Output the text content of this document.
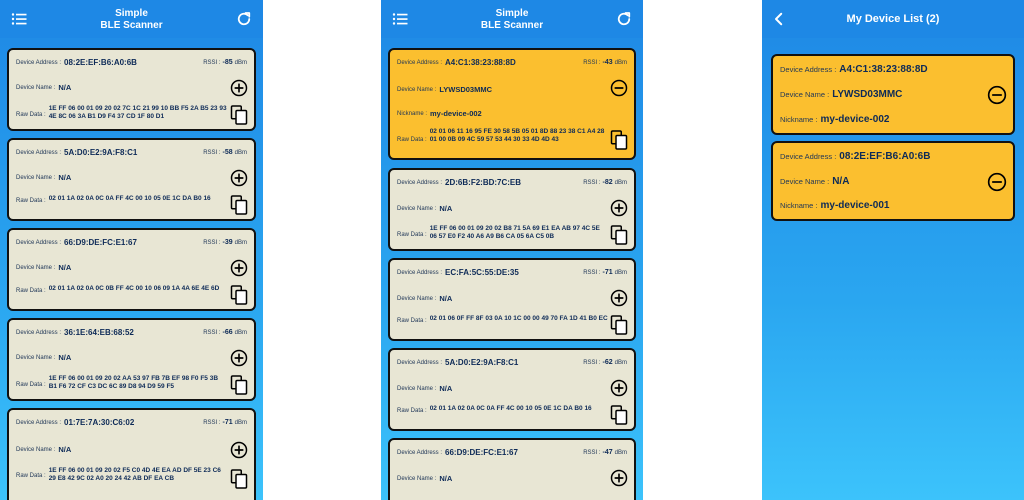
Simple
BLE Scanner
Device Address : 08:2E:EF:B6:A0:6B	RSSI : -85 dBm
Device Name : N/A
Raw Data :
1E FF 06 00 01 09 20 02 7C 1C 21 99 10 BB F5 2A B5 23 93 4E 8C 06 3A B1 D9 F4 37 CD 1F 80 D1
Device Address : 5A:D0:E2:9A:F8:C1	RSSI : -58 dBm
Device Name : N/A
Raw Data : 02 01 1A 02 0A 0C 0A FF 4C 00 10 05 0E 1C DA B0 16
Device Address : 66:D9:DE:FC:E1:67	RSSI : -39 dBm
Device Name : N/A
Raw Data : 02 01 1A 02 0A 0C 0B FF 4C 00 10 06 09 1A 4A 6E 4E 6D
Device Address : 36:1E:64:EB:68:52	RSSI : -66 dBm
Device Name : N/A
Raw Data :
1E FF 06 00 01 09 20 02 AA 53 97 FB 7B EF 98 F0 F5 3B B1 F6 72 CF C3 DC 6C 89 D8 94 D9 59 F5
Device Address : 01:7E:7A:30:C6:02	RSSI : -71 dBm
Device Name : N/A
Raw Data :
1E FF 06 00 01 09 20 02 F5 C0 4D 4E EA AD DF 5E 23 C6 29 E8 42 9C 02 A0 20 24 42 AB DF EA CB
Simple
BLE Scanner
Device Address : A4:C1:38:23:88:8D	RSSI : -43 dBm
Device Name : LYWSD03MMC
Nickname : my-device-002
Raw Data :
02 01 06 11 16 95 FE 30 58 5B 05 01 8D 88 23 38 C1 A4 28 01 00 0B 09 4C 59 57 53 44 30 33 4D 4D 43
Device Address : 2D:6B:F2:BD:7C:EB	RSSI : -82 dBm
Device Name : N/A
Raw Data :
1E FF 06 00 01 09 20 02 B8 71 5A 69 E1 EA AB 97 4C 5E 06 57 E0 F2 40 A6 A9 B6 CA 05 6A C5 0B
Device Address : EC:FA:5C:55:DE:35	RSSI : -71 dBm
Device Name : N/A
Raw Data : 02 01 06 0F FF 8F 03 0A 10 1C 00 00 49 70 FA 1D 41 B0 EC
Device Address : 5A:D0:E2:9A:F8:C1	RSSI : -62 dBm
Device Name : N/A
Raw Data : 02 01 1A 02 0A 0C 0A FF 4C 00 10 05 0E 1C DA B0 16
Device Address : 66:D9:DE:FC:E1:67	RSSI : -47 dBm
Device Name : N/A
My Device List (2)
Device Address : A4:C1:38:23:88:8D
Device Name : LYWSD03MMC
Nickname : my-device-002
Device Address : 08:2E:EF:B6:A0:6B
Device Name : N/A
Nickname : my-device-001
